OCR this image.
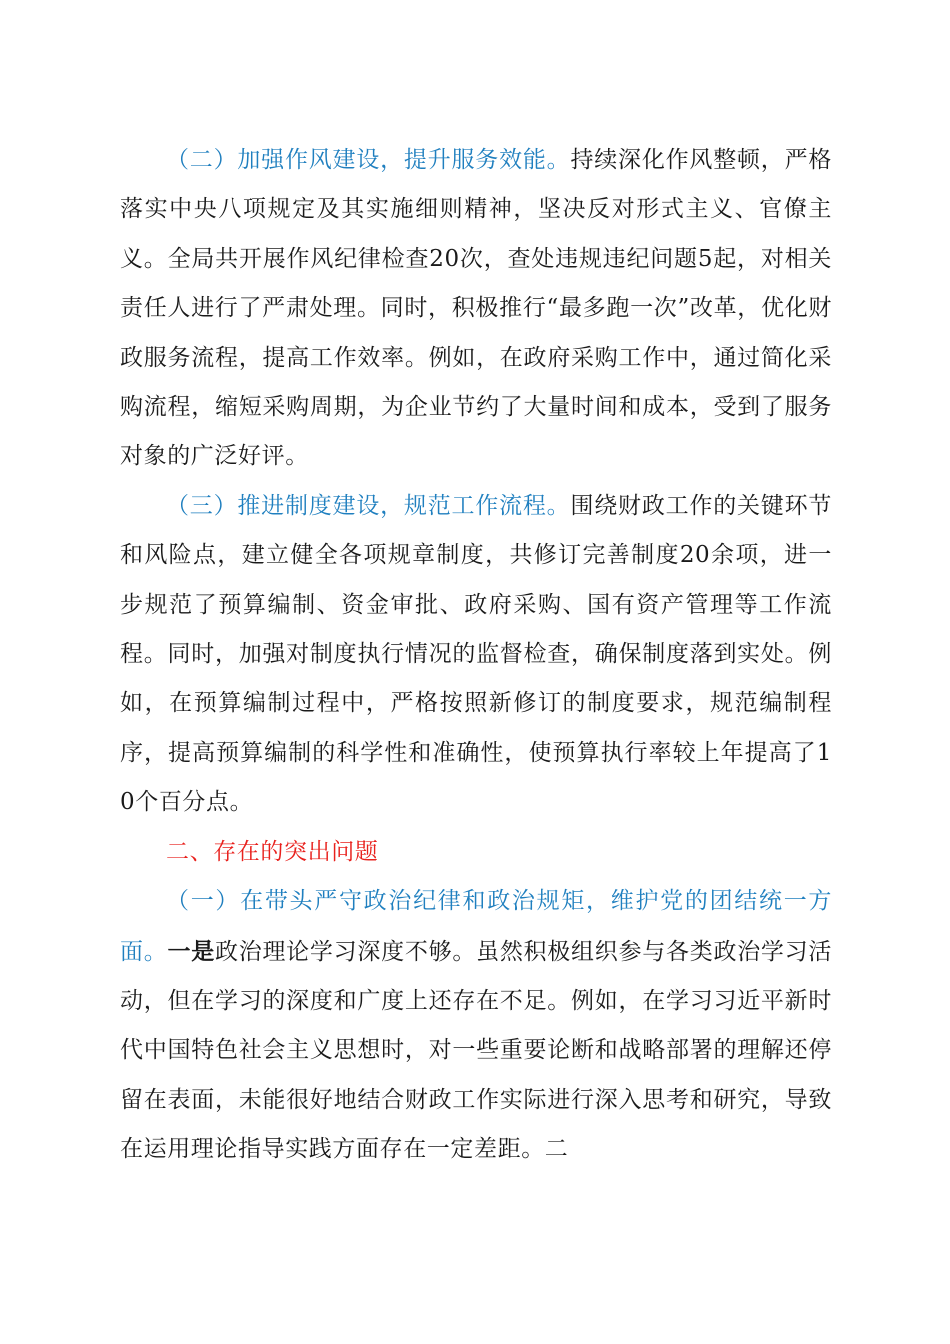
（二）加强作风建设，提升服务效能。持续深化作风整顿，严格落实中央八项规定及其实施细则精神，坚决反对形式主义、官僚主义。全局共开展作风纪律检查20次，查处违规违纪问题5起，对相关责任人进行了严肃处理。同时，积极推行“最多跑一次”改革，优化财政服务流程，提高工作效率。例如，在政府采购工作中，通过简化采购流程，缩短采购周期，为企业节约了大量时间和成本，受到了服务对象的广泛好评。

（三）推进制度建设，规范工作流程。围绕财政工作的关键环节和风险点，建立健全各项规章制度，共修订完善制度20余项，进一步规范了预算编制、资金审批、政府采购、国有资产管理等工作流程。同时，加强对制度执行情况的监督检查，确保制度落到实处。例如，在预算编制过程中，严格按照新修订的制度要求，规范编制程序，提高预算编制的科学性和准确性，使预算执行率较上年提高了10个百分点。

二、存在的突出问题

（一）在带头严守政治纪律和政治规矩，维护党的团结统一方面。一是政治理论学习深度不够。虽然积极组织参与各类政治学习活动，但在学习的深度和广度上还存在不足。例如，在学习习近平新时代中国特色社会主义思想时，对一些重要论断和战略部署的理解还停留在表面，未能很好地结合财政工作实际进行深入思考和研究，导致在运用理论指导实践方面存在一定差距。二
